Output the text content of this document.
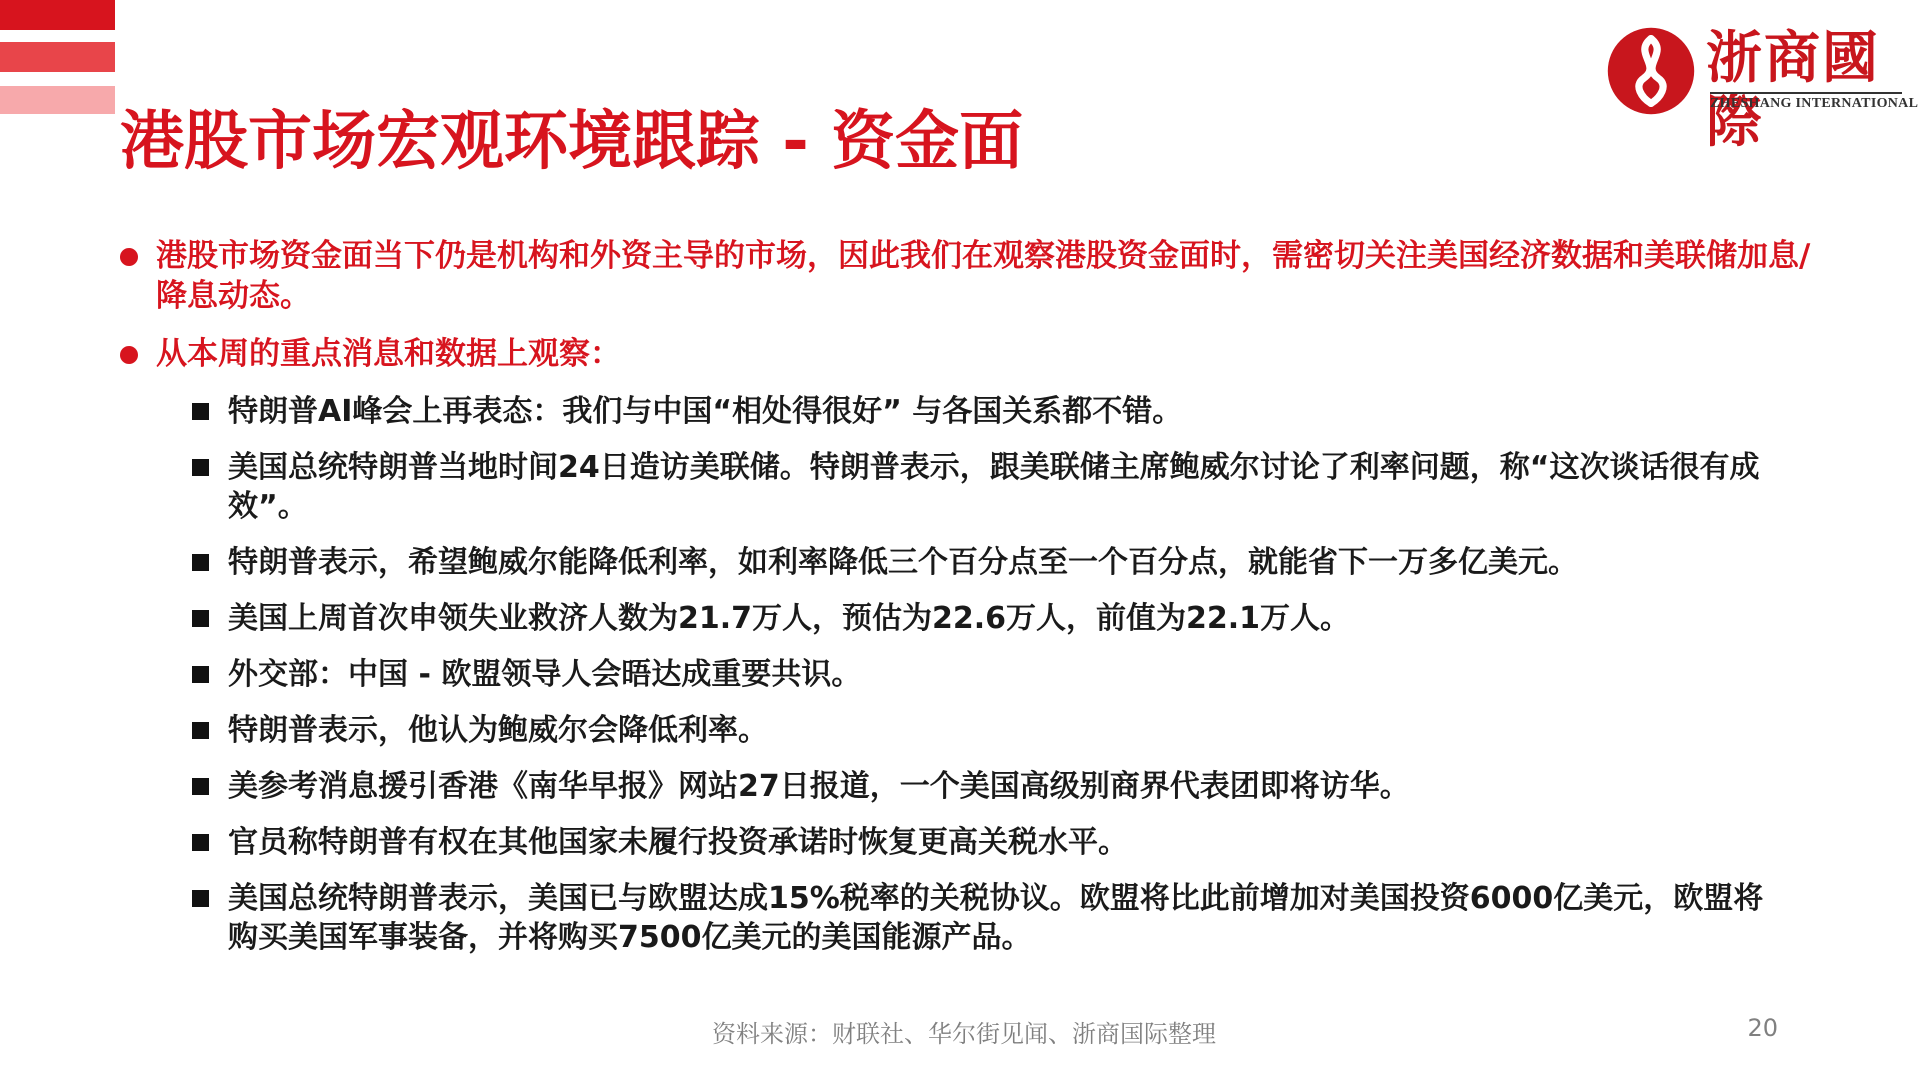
浙商國際
ZHESHANG INTERNATIONAL
港股市场宏观环境跟踪 - 资金面
港股市场资金面当下仍是机构和外资主导的市场，因此我们在观察港股资金面时，需密切关注美国经济数据和美联储加息/降息动态。
从本周的重点消息和数据上观察：
特朗普AI峰会上再表态：我们与中国“相处得很好” 与各国关系都不错。
美国总统特朗普当地时间24日造访美联储。特朗普表示，跟美联储主席鲍威尔讨论了利率问题，称“这次谈话很有成效”。
特朗普表示，希望鲍威尔能降低利率，如利率降低三个百分点至一个百分点，就能省下一万多亿美元。
美国上周首次申领失业救济人数为21.7万人，预估为22.6万人，前值为22.1万人。
外交部：中国 - 欧盟领导人会晤达成重要共识。
特朗普表示，他认为鲍威尔会降低利率。
美参考消息援引香港《南华早报》网站27日报道，一个美国高级别商界代表团即将访华。
官员称特朗普有权在其他国家未履行投资承诺时恢复更高关税水平。
美国总统特朗普表示，美国已与欧盟达成15%税率的关税协议。欧盟将比此前增加对美国投资6000亿美元，欧盟将购买美国军事装备，并将购买7500亿美元的美国能源产品。
资料来源：财联社、华尔街见闻、浙商国际整理	20
